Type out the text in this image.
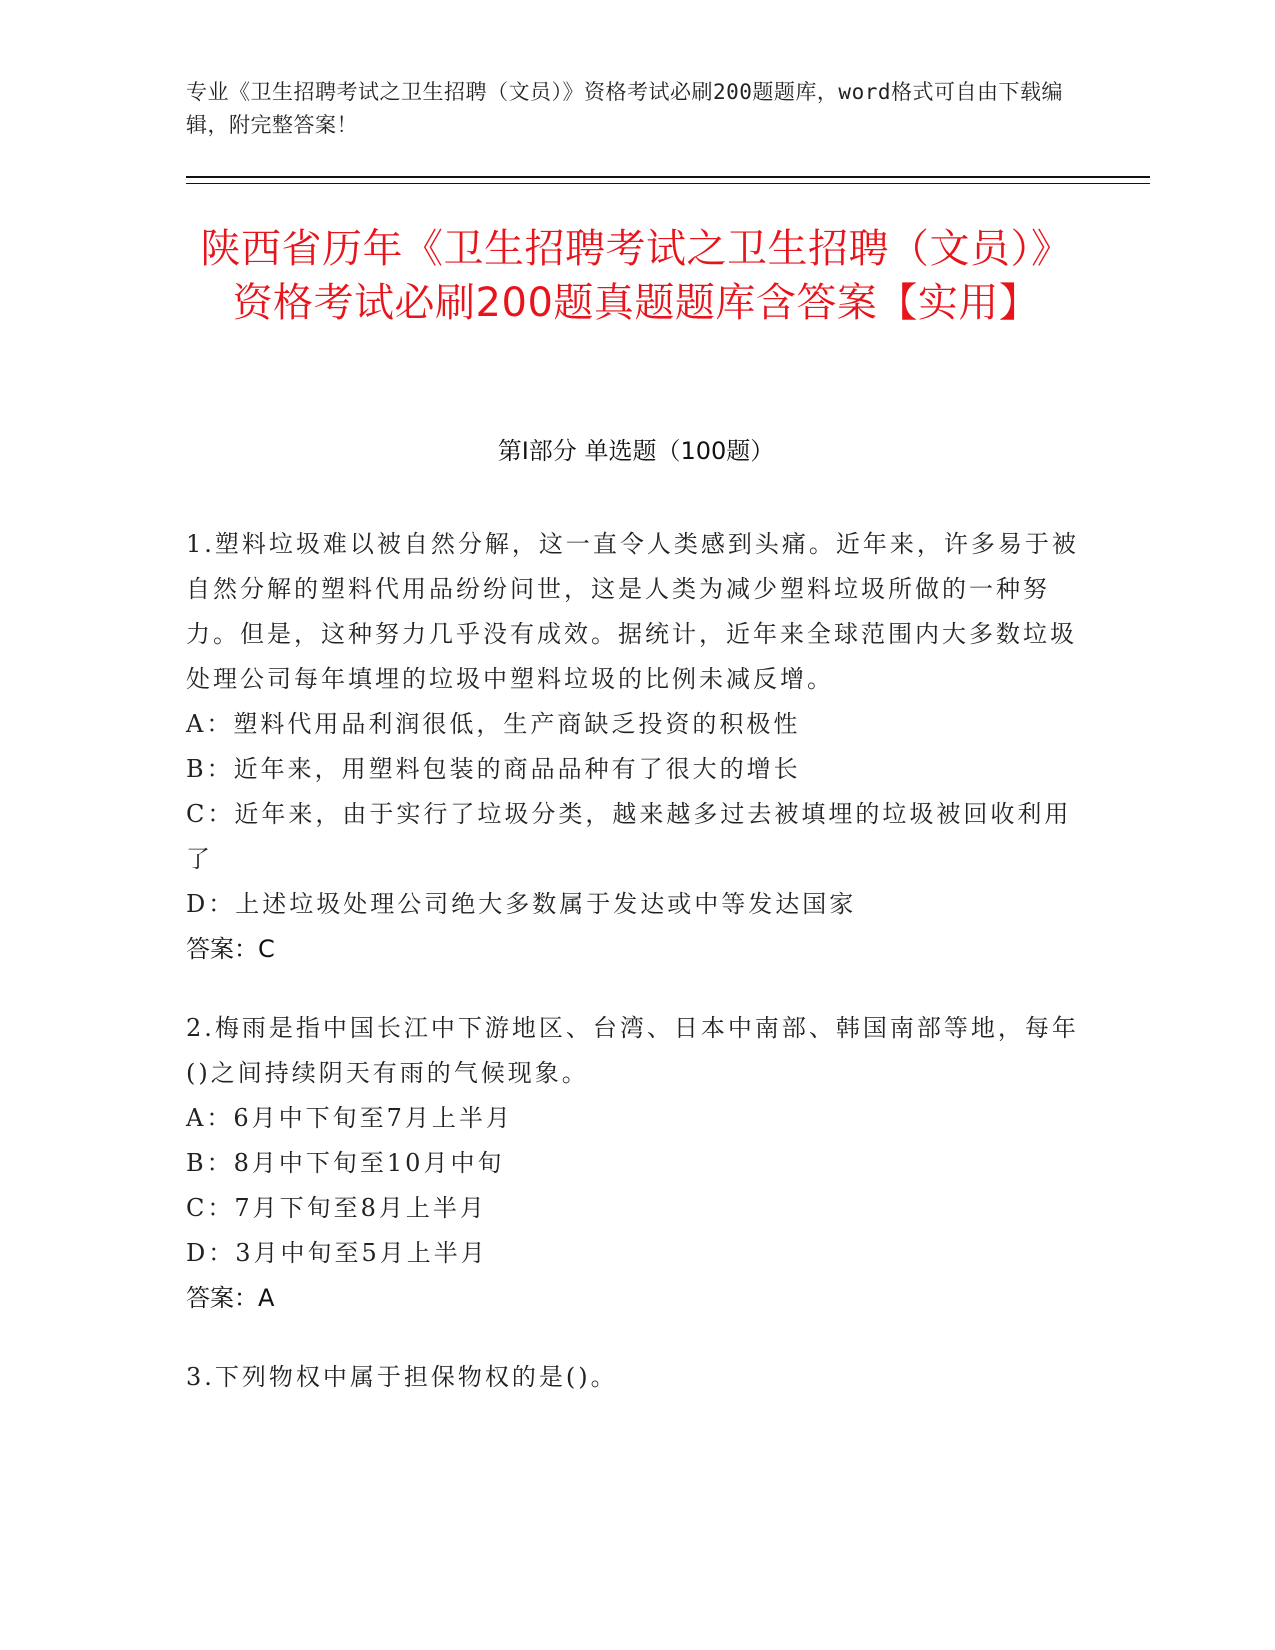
专业《卫生招聘考试之卫生招聘（文员）》资格考试必刷200题题库，word格式可自由下载编辑，附完整答案！
陕西省历年《卫生招聘考试之卫生招聘（文员）》资格考试必刷200题真题题库含答案【实用】
第I部分 单选题（100题）

1.塑料垃圾难以被自然分解，这一直令人类感到头痛。近年来，许多易于被自然分解的塑料代用品纷纷问世，这是人类为减少塑料垃圾所做的一种努力。但是，这种努力几乎没有成效。据统计，近年来全球范围内大多数垃圾处理公司每年填埋的垃圾中塑料垃圾的比例未减反增。

A：塑料代用品利润很低，生产商缺乏投资的积极性

B：近年来，用塑料包装的商品品种有了很大的增长

C：近年来，由于实行了垃圾分类，越来越多过去被填埋的垃圾被回收利用了

D：上述垃圾处理公司绝大多数属于发达或中等发达国家

答案：C

2.梅雨是指中国长江中下游地区、台湾、日本中南部、韩国南部等地，每年()之间持续阴天有雨的气候现象。

A：6月中下旬至7月上半月

B：8月中下旬至10月中旬

C：7月下旬至8月上半月

D：3月中旬至5月上半月

答案：A

3.下列物权中属于担保物权的是()。
